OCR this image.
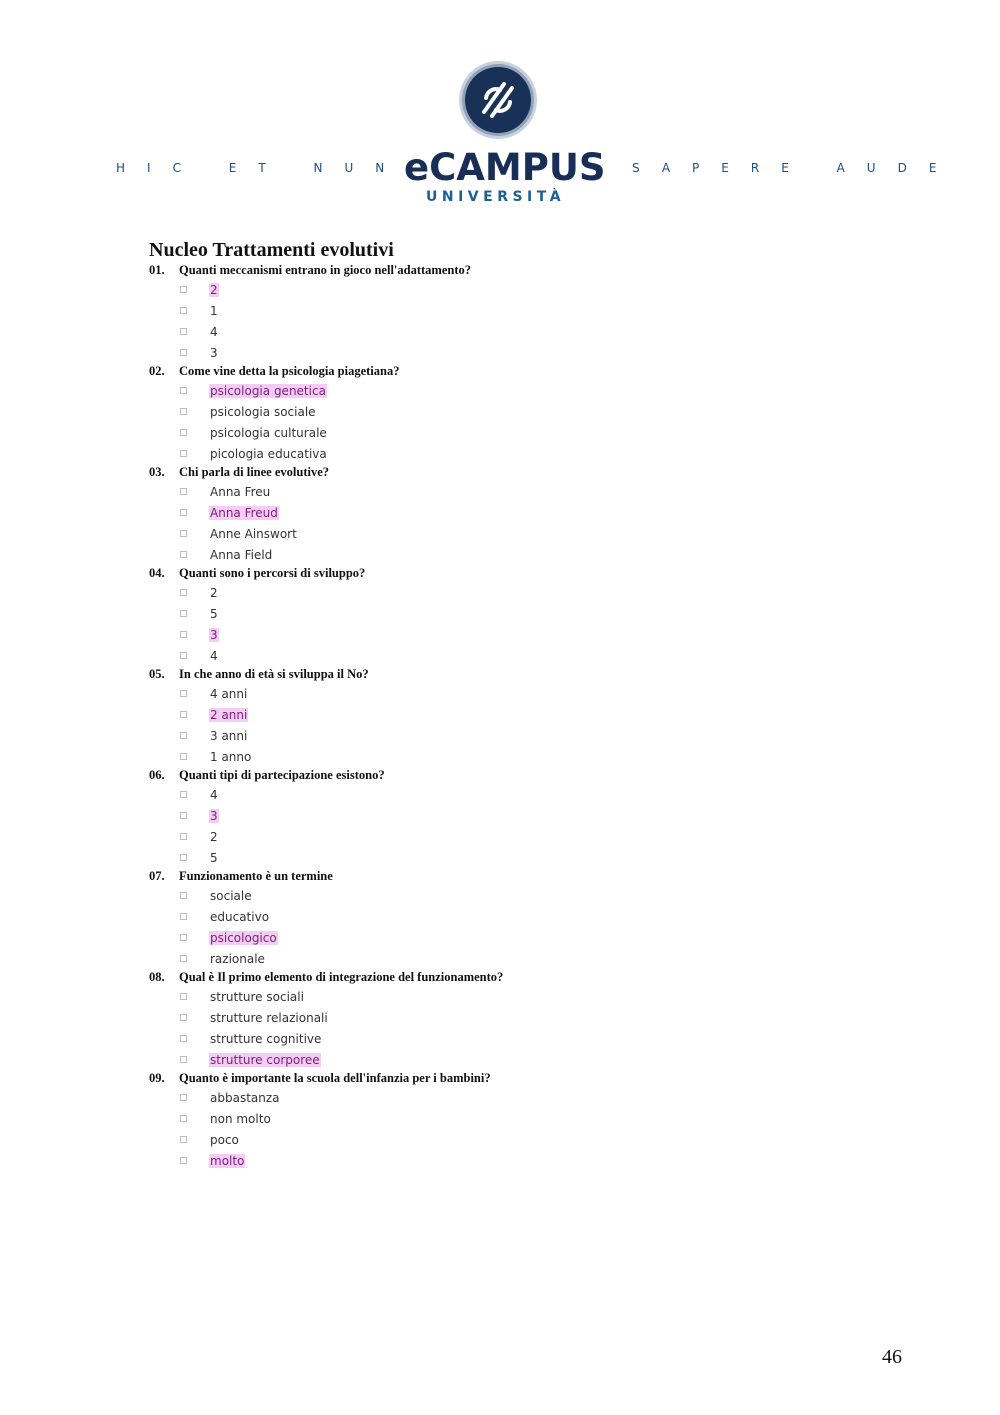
HIC ET NUNC	SAPERE AUDE
eCAMPUS
UNIVERSITÀ
Nucleo Trattamenti evolutivi
01.	Quanti meccanismi entrano in gioco nell'adattamento?
2
1
4
3
02.	Come vine detta la psicologia piagetiana?
psicologia genetica
psicologia sociale
psicologia culturale
picologia educativa
03.	Chi parla di linee evolutive?
Anna Freu
Anna Freud
Anne Ainswort
Anna Field
04.	Quanti sono i percorsi di sviluppo?
2
5
3
4
05.	In che anno di età si sviluppa il No?
4 anni
2 anni
3 anni
1 anno
06.	Quanti tipi di partecipazione esistono?
4
3
2
5
07.	Funzionamento è un termine
sociale
educativo
psicologico
razionale
08.	Qual è Il primo elemento di integrazione del funzionamento?
strutture sociali
strutture relazionali
strutture cognitive
strutture corporee
09.	Quanto è importante la scuola dell'infanzia per i bambini?
abbastanza
non molto
poco
molto
46
